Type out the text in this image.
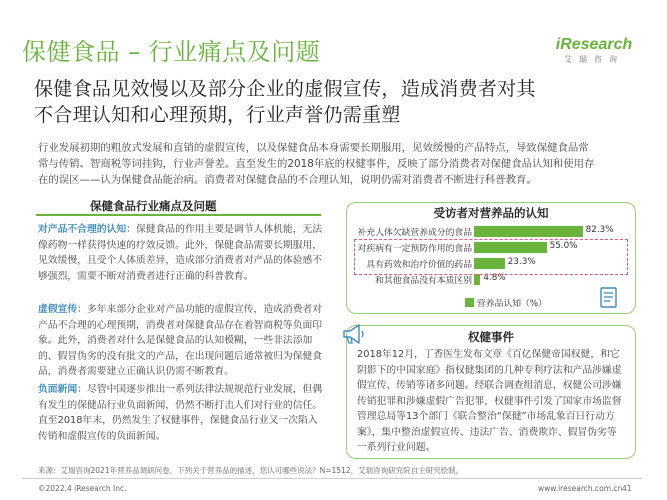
保健食品 – 行业痛点及问题	iResearch
艾瑞咨询
保健食品见效慢以及部分企业的虚假宣传，造成消费者对其
不合理认知和心理预期，行业声誉仍需重塑
行业发展初期的粗放式发展和直销的虚假宣传，以及保健食品本身需要长期服用，见效缓慢的产品特点，导致保健食品常
常与传销、智商税等词挂钩，行业声誉差。直至发生的2018年底的权健事件，反映了部分消费者对保健食品认知和使用存
在的误区——认为保健食品能治病。消费者对保健食品的不合理认知，说明仍需对消费者不断进行科普教育。
保健食品行业痛点及问题
对产品不合理的认知：保健食品的作用主要是调节人体机能，无法像药物一样获得快速的疗效反馈。此外，保健食品需要长期服用，见效缓慢，且受个人体质差异，造成部分消费者对产品的体验感不够强烈，需要不断对消费者进行正确的科普教育。
虚假宣传：多年来部分企业对产品功能的虚假宣传，造成消费者对产品不合理的心理预期，消费者对保健食品存在着智商税等负面印象。此外，消费者对什么是保健食品的认知模糊，一些非法添加的、假冒伪劣的没有批文的产品，在出现问题后通常被归为保健食品，消费者需要建立正确认识仍需不断教育。
负面新闻：尽管中国逐步推出一系列法律法规规范行业发展，但偶有发生的保健品行业负面新闻，仍然不断打击人们对行业的信任。直至2018年末，仍然发生了权健事件，保健食品行业又一次陷入传销和虚假宣传的负面新闻。
受访者对营养品的认知
补充人体欠缺营养成分的食品	82.3%
对疾病有一定预防作用的食品	55.0%
具有药效和治疗价值的药品	23.3%
和其他食品没有本质区别 4.8%
营养品认知（%）
权健事件
2018年12月，丁香医生发布文章《百亿保健帝国权健，和它阴影下的中国家庭》指权健集团的几种专利疗法和产品涉嫌虚假宣传、传销等诸多问题。经联合调查组消息，权健公司涉嫌传销犯罪和涉嫌虚假广告犯罪，权健事件引发了国家市场监督管理总局等13个部门《联合整治“保健”市场乱象百日行动方案》，集中整治虚假宣传、违法广告、消费欺诈、假冒伪劣等一系列行业问题。
来源：艾瑞咨询2021年营养品调研问卷，下列关于营养品的描述，您认可哪些说法？N=1512，艾瑞咨询研究院自主研究绘制。
©2022.4 iResearch Inc.	www.iresearch.com.cn 41
